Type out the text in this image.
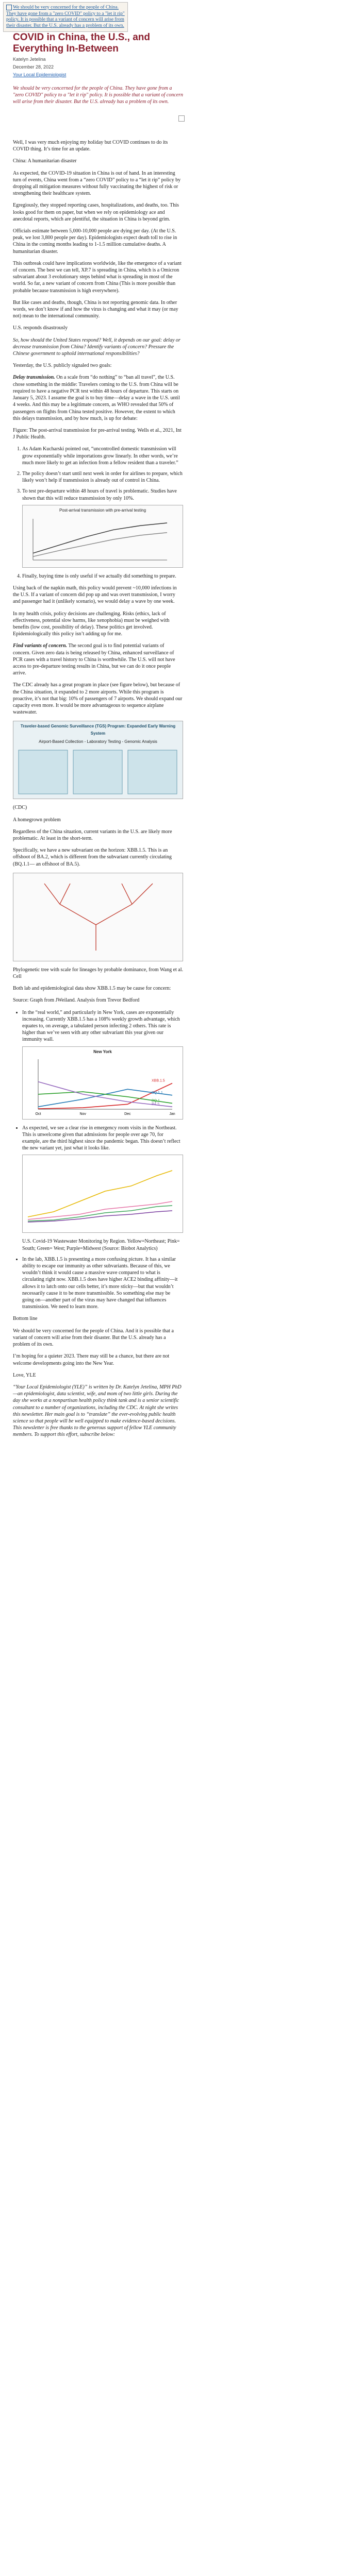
We should be very concerned for the people of China. They have gone from a "zero COVID" policy to a "let it rip" policy. It is possible that a variant of concern will arise from their disaster. But the U.S. already has a problem of its own.
COVID in China, the U.S., and Everything In-Between
Katelyn Jetelina
December 28, 2022
Your Local Epidemiologist
We should be very concerned for the people of China. They have gone from a "zero COVID" policy to a "let it rip" policy. It is possible that a variant of concern will arise from their disaster. But the U.S. already has a problem of its own.

Well, I was very much enjoying my holiday but COVID continues to do its COVID thing. It’s time for an update.

China: A humanitarian disaster

As expected, the COVID-19 situation in China is out of hand. In an interesting turn of events, China went from a “zero COVID” policy to a “let it rip” policy by dropping all mitigation measures without fully vaccinating the highest of risk or strengthening their healthcare system.

Egregiously, they stopped reporting cases, hospitalizations, and deaths, too. This looks good for them on paper, but when we rely on epidemiology ace and anecdotal reports, which are plentiful, the situation in China is beyond grim.

Officials estimate between 5,000-10,000 people are dying per day. (At the U.S. peak, we lost 3,800 people per day). Epidemiologists expect death toll to rise in China in the coming months leading to 1-1.5 million cumulative deaths. A humanitarian disaster.

This outbreak could have implications worldwide, like the emergence of a variant of concern. The best we can tell, XP.7 is spreading in China, which is a Omicron subvariant about 3 evolutionary steps behind what is spreading in most of the world. So far, a new variant of concern from China (This is more possible than probable because transmission is high everywhere).

But like cases and deaths, though, China is not reporting genomic data. In other words, we don’t know if and how the virus is changing and what it may (or may not) mean to the international community.

U.S. responds disastrously

So, how should the United States respond? Well, it depends on our goal: delay or decrease transmission from China? Identify variants of concern? Pressure the Chinese government to uphold international responsibilities?

Yesterday, the U.S. publicly signaled two goals:

Delay transmission. On a scale from “do nothing” to “ban all travel”, the U.S. chose something in the middle: Travelers coming to the U.S. from China will be required to have a negative PCR test within 48 hours of departure. This starts on January 5, 2023. I assume the goal is to buy time—delay a wave in the U.S. until 4 weeks. And this may be a legitimate concern, as WHO revealed that 50% of passengers on flights from China tested positive. However, the extent to which this delays transmission, and by how much, is up for debate:

Figure: The post-arrival transmission for pre-arrival testing. Wells et al., 2021, Int J Public Health.

1. As Adam Kucharski pointed out, “uncontrolled domestic transmission will grow exponentially while importations grow linearly. In other words, we’re much more likely to get an infection from a fellow resident than a traveler.”
2. The policy doesn’t start until next week in order for airlines to prepare, which likely won’t help if transmission is already out of control in China.
3. To test pre-departure within 48 hours of travel is problematic. Studies have shown that this will reduce transmission by only 10%.
Post-arrival transmission with pre-arrival testing
4. Finally, buying time is only useful if we actually did something to prepare.

Using back of the napkin math, this policy would prevent ~10,000 infections in the U.S. If a variant of concern did pop up and was overt transmission, I worry and passenger had it (unlikely scenario), we would delay a wave by one week.

In my health crisis, policy decisions are challenging. Risks (ethics, lack of effectiveness, potential slow harms, like xenophobia) must be weighed with benefits (low cost, possibility of delay). These politics get involved. Epidemiologically this policy isn’t adding up for me.

Find variants of concern. The second goal is to find potential variants of concern. Given zero data is being released by China, enhanced surveillance of PCR cases with a travel history to China is worthwhile. The U.S. will not have access to pre-departure testing results in China, but we can do it once people arrive.

The CDC already has a great program in place (see figure below), but because of the China situation, it expanded to 2 more airports. While this program is proactive, it’s not that big: 10% of passengers of 7 airports. We should expand our capacity even more. It would be more advantageous to sequence airplane wastewater.

Traveler-based Genomic Surveillance (TGS) Program: Expanded Early Warning System
Airport-Based Collection - Laboratory Testing - Genomic Analysis

(CDC)

A homegrown problem

Regardless of the China situation, current variants in the U.S. are likely more problematic. At least in the short-term.

Specifically, we have a new subvariant on the horizon: XBB.1.5. This is an offshoot of BA.2, which is different from the subvariant currently circulating (BQ.1.1— an offshoot of BA.5).

Phylogenetic tree with scale for lineages by probable dominance, from Wang et al. Cell

Both lab and epidemiological data show XBB.1.5 may be cause for concern:

Source: Graph from JWeiland. Analysis from Trevor Bedford

• In the “real world,” and particularly in New York, cases are exponentially increasing. Currently XBB.1.5 has a 108% weekly growth advantage, which equates to, on average, a tabulated person infecting 2 others. This rate is higher than we’ve seen with any other subvariant this year given our immunity wall.
New York
Oct	Nov	Dec	Jan
XBB.1.5
BQ.1.1
BQ.1
BA.5
• As expected, we see a clear rise in emergency room visits in the Northeast. This is unwelcome given that admissions for people over age 70, for example, are the third highest since the pandemic began. This doesn’t reflect the new variant yet, just what it looks like.
U.S. Covid-19 Wastewater Monitoring by Region. Yellow=Northeast; Pink= South; Green= West; Purple=Midwest (Source: Biobot Analytics)
• In the lab, XBB.1.5 is presenting a more confusing picture. It has a similar ability to escape our immunity as other subvariants. Because of this, we wouldn’t think it would cause a massive wave compared to what is circulating right now. XBB.1.5 does have higher ACE2 binding affinity—it allows it to latch onto our cells better, it’s more sticky—but that wouldn’t necessarily cause it to be more transmissible. So something else may be going on—another part of the virus may have changed that influences transmission. We need to learn more.

Bottom line

We should be very concerned for the people of China. And it is possible that a variant of concern will arise from their disaster. But the U.S. already has a problem of its own.

I’m hoping for a quieter 2023. There may still be a chance, but there are not welcome developments going into the New Year.

Love, YLE

“Your Local Epidemiologist (YLE)” is written by Dr. Katelyn Jetelina, MPH PhD—an epidemiologist, data scientist, wife, and mom of two little girls. During the day she works at a nonpartisan health policy think tank and is a senior scientific consultant to a number of organizations, including the CDC. At night she writes this newsletter. Her main goal is to “translate” the ever-evolving public health science so that people will be well equipped to make evidence-based decisions. This newsletter is free thanks to the generous support of fellow YLE community members. To support this effort, subscribe below:
